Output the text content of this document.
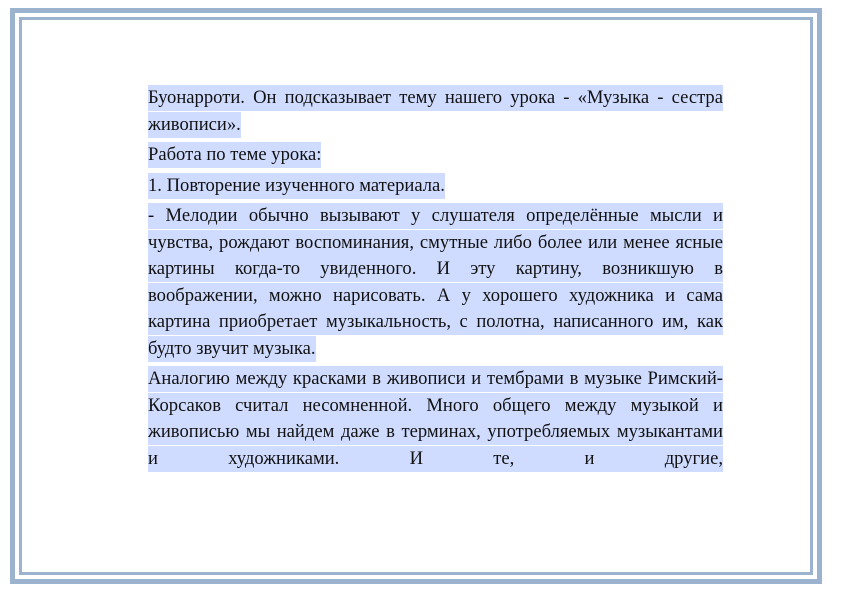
Буонарроти. Он подсказывает тему нашего урока - «Музыка - сестра живописи».

Работа по теме урока:

1. Повторение изученного материала.

- Мелодии обычно вызывают у слушателя определённые мысли и чувства, рождают воспоминания, смутные либо более или менее ясные картины когда-то увиденного. И эту картину, возникшую в воображении, можно нарисовать. А у хорошего художника и сама картина приобретает музыкальность, с полотна, написанного им, как будто звучит музыка.

Аналогию между красками в живописи и тембрами в музыке Римский-Корсаков считал несомненной. Много общего между музыкой и живописью мы найдем даже в терминах, употребляемых музыкантами и художниками. И те, и другие,
